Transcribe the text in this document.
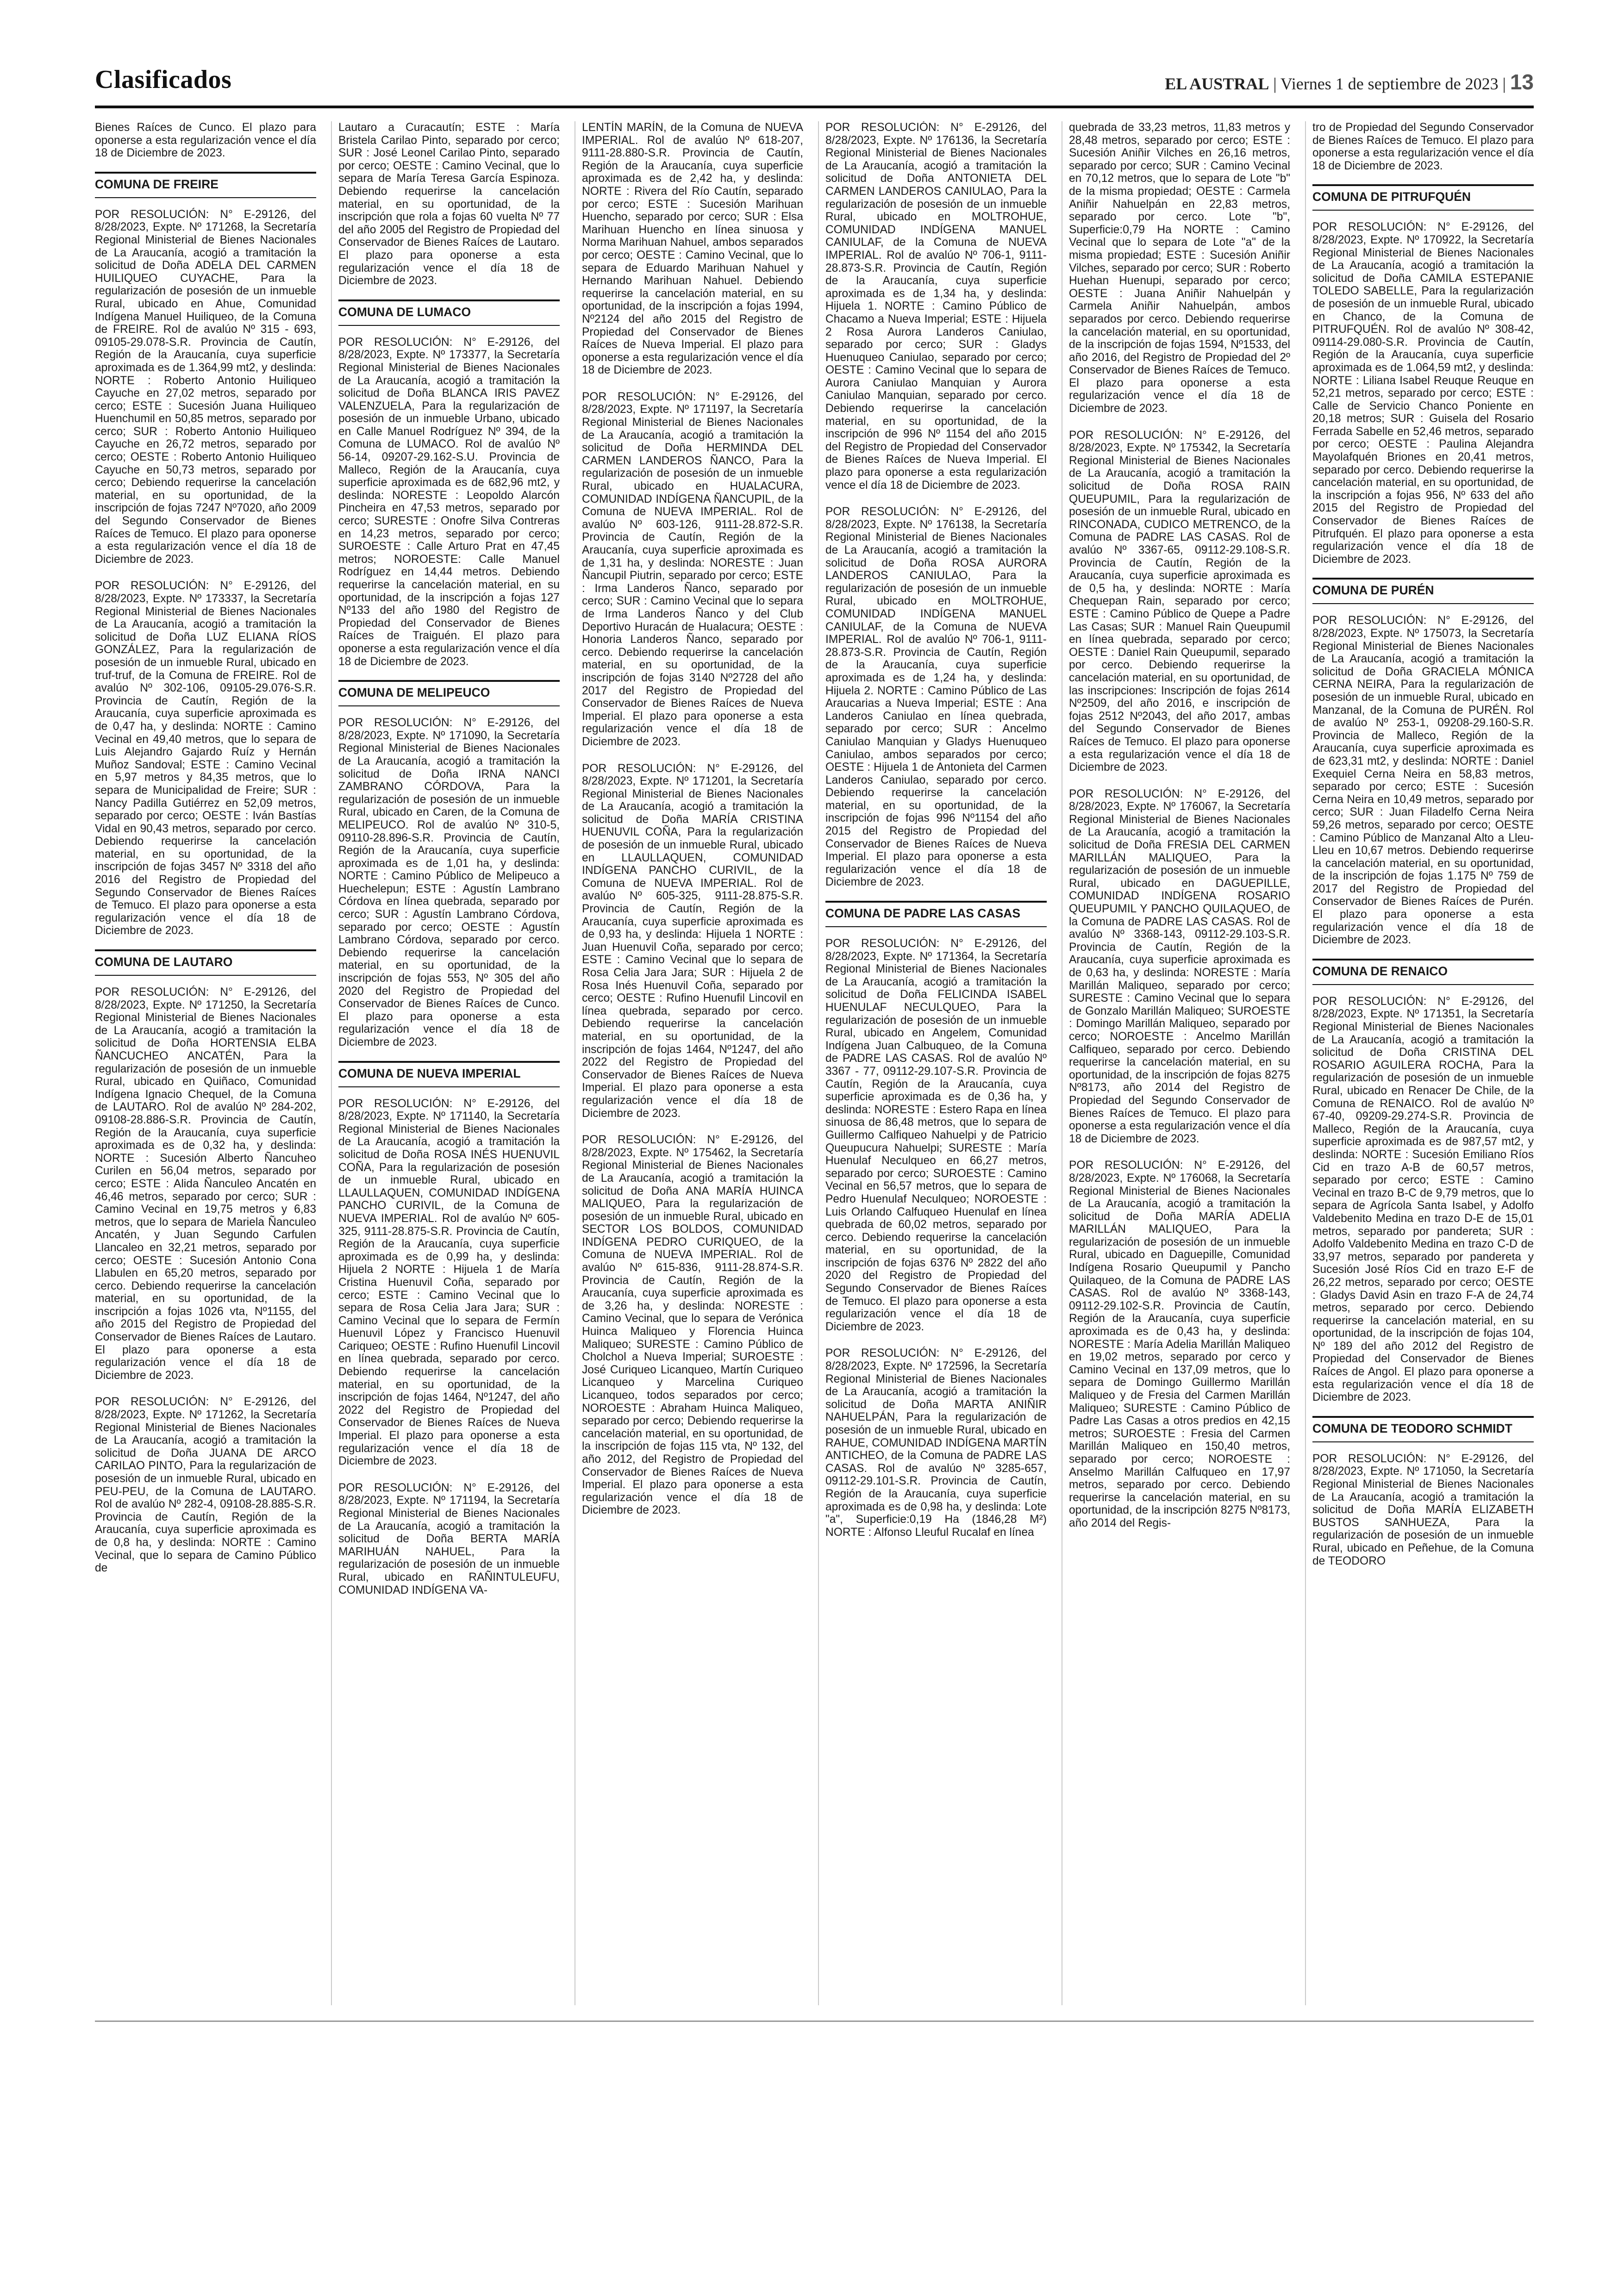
Clasificados	EL AUSTRAL | Viernes 1 de septiembre de 2023 | 13

Bienes Raíces de Cunco. El plazo para oponerse a esta regularización vence el día 18 de Diciembre de 2023.

COMUNA DE FREIRE

POR RESOLUCIÓN: N° E-29126, del 8/28/2023, Expte. Nº 171268, la Secretaría Regional Ministerial de Bienes Nacionales de La Araucanía, acogió a tramitación la solicitud de Doña ADELA DEL CARMEN HUILIQUEO CUYACHE, Para la regularización de posesión de un inmueble Rural, ubicado en Ahue, Comunidad Indígena Manuel Huiliqueo, de la Comuna de FREIRE. Rol de avalúo Nº 315 - 693, 09105-29.078-S.R. Provincia de Cautín, Región de la Araucanía, cuya superficie aproximada es de 1.364,99 mt2, y deslinda: NORTE : Roberto Antonio Huiliqueo Cayuche en 27,02 metros, separado por cerco; ESTE : Sucesión Juana Huiliqueo Huenchumil en 50,85 metros, separado por cerco; SUR : Roberto Antonio Huiliqueo Cayuche en 26,72 metros, separado por cerco; OESTE : Roberto Antonio Huiliqueo Cayuche en 50,73 metros, separado por cerco; Debiendo requerirse la cancelación material, en su oportunidad, de la inscripción de fojas 7247 Nº7020, año 2009 del Segundo Conservador de Bienes Raíces de Temuco. El plazo para oponerse a esta regularización vence el día 18 de Diciembre de 2023.

POR RESOLUCIÓN: N° E-29126, del 8/28/2023, Expte. Nº 173337, la Secretaría Regional Ministerial de Bienes Nacionales de La Araucanía, acogió a tramitación la solicitud de Doña LUZ ELIANA RÍOS GONZÁLEZ, Para la regularización de posesión de un inmueble Rural, ubicado en truf-truf, de la Comuna de FREIRE. Rol de avalúo Nº 302-106, 09105-29.076-S.R. Provincia de Cautín, Región de la Araucanía, cuya superficie aproximada es de 0,47 ha, y deslinda: NORTE : Camino Vecinal en 49,40 metros, que lo separa de Luis Alejandro Gajardo Ruíz y Hernán Muñoz Sandoval; ESTE : Camino Vecinal en 5,97 metros y 84,35 metros, que lo separa de Municipalidad de Freire; SUR : Nancy Padilla Gutiérrez en 52,09 metros, separado por cerco; OESTE : Iván Bastías Vidal en 90,43 metros, separado por cerco. Debiendo requerirse la cancelación material, en su oportunidad, de la inscripción de fojas 3457 Nº 3318 del año 2016 del Registro de Propiedad del Segundo Conservador de Bienes Raíces de Temuco. El plazo para oponerse a esta regularización vence el día 18 de Diciembre de 2023.

COMUNA DE LAUTARO

POR RESOLUCIÓN: N° E-29126, del 8/28/2023, Expte. Nº 171250, la Secretaría Regional Ministerial de Bienes Nacionales de La Araucanía, acogió a tramitación la solicitud de Doña HORTENSIA ELBA ÑANCUCHEO ANCATÉN, Para la regularización de posesión de un inmueble Rural, ubicado en Quiñaco, Comunidad Indígena Ignacio Chequel, de la Comuna de LAUTARO. Rol de avalúo Nº 284-202, 09108-28.886-S.R. Provincia de Cautín, Región de la Araucanía, cuya superficie aproximada es de 0,32 ha, y deslinda: NORTE : Sucesión Alberto Ñancuheo Curilen en 56,04 metros, separado por cerco; ESTE : Alida Ñanculeo Ancatén en 46,46 metros, separado por cerco; SUR : Camino Vecinal en 19,75 metros y 6,83 metros, que lo separa de Mariela Ñanculeo Ancatén, y Juan Segundo Carfulen Llancaleo en 32,21 metros, separado por cerco; OESTE : Sucesión Antonio Cona Llabulen en 65,20 metros, separado por cerco. Debiendo requerirse la cancelación material, en su oportunidad, de la inscripción a fojas 1026 vta, Nº1155, del año 2015 del Registro de Propiedad del Conservador de Bienes Raíces de Lautaro. El plazo para oponerse a esta regularización vence el día 18 de Diciembre de 2023.

POR RESOLUCIÓN: N° E-29126, del 8/28/2023, Expte. Nº 171262, la Secretaría Regional Ministerial de Bienes Nacionales de La Araucanía, acogió a tramitación la solicitud de Doña JUANA DE ARCO CARILAO PINTO, Para la regularización de posesión de un inmueble Rural, ubicado en PEU-PEU, de la Comuna de LAUTARO. Rol de avalúo Nº 282-4, 09108-28.885-S.R. Provincia de Cautín, Región de la Araucanía, cuya superficie aproximada es de 0,8 ha, y deslinda: NORTE : Camino Vecinal, que lo separa de Camino Público de

Lautaro a Curacautín; ESTE : María Bristela Carilao Pinto, separado por cerco; SUR : José Leonel Carilao Pinto, separado por cerco; OESTE : Camino Vecinal, que lo separa de María Teresa García Espinoza. Debiendo requerirse la cancelación material, en su oportunidad, de la inscripción que rola a fojas 60 vuelta Nº 77 del año 2005 del Registro de Propiedad del Conservador de Bienes Raíces de Lautaro. El plazo para oponerse a esta regularización vence el día 18 de Diciembre de 2023.

COMUNA DE LUMACO

POR RESOLUCIÓN: N° E-29126, del 8/28/2023, Expte. Nº 173377, la Secretaría Regional Ministerial de Bienes Nacionales de La Araucanía, acogió a tramitación la solicitud de Doña BLANCA IRIS PAVEZ VALENZUELA, Para la regularización de posesión de un inmueble Urbano, ubicado en Calle Manuel Rodríguez Nº 394, de la Comuna de LUMACO. Rol de avalúo Nº 56-14, 09207-29.162-S.U. Provincia de Malleco, Región de la Araucanía, cuya superficie aproximada es de 682,96 mt2, y deslinda: NORESTE : Leopoldo Alarcón Pincheira en 47,53 metros, separado por cerco; SURESTE : Onofre Silva Contreras en 14,23 metros, separado por cerco; SUROESTE : Calle Arturo Prat en 47,45 metros; NOROESTE: Calle Manuel Rodríguez en 14,44 metros. Debiendo requerirse la cancelación material, en su oportunidad, de la inscripción a fojas 127 Nº133 del año 1980 del Registro de Propiedad del Conservador de Bienes Raíces de Traiguén. El plazo para oponerse a esta regularización vence el día 18 de Diciembre de 2023.

COMUNA DE MELIPEUCO

POR RESOLUCIÓN: N° E-29126, del 8/28/2023, Expte. Nº 171090, la Secretaría Regional Ministerial de Bienes Nacionales de La Araucanía, acogió a tramitación la solicitud de Doña IRNA NANCI ZAMBRANO CÓRDOVA, Para la regularización de posesión de un inmueble Rural, ubicado en Caren, de la Comuna de MELIPEUCO. Rol de avalúo Nº 310-5, 09110-28.896-S.R. Provincia de Cautín, Región de la Araucanía, cuya superficie aproximada es de 1,01 ha, y deslinda: NORTE : Camino Público de Melipeuco a Huechelepun; ESTE : Agustín Lambrano Córdova en línea quebrada, separado por cerco; SUR : Agustín Lambrano Córdova, separado por cerco; OESTE : Agustín Lambrano Córdova, separado por cerco. Debiendo requerirse la cancelación material, en su oportunidad, de la inscripción de fojas 553, Nº 305 del año 2020 del Registro de Propiedad del Conservador de Bienes Raíces de Cunco. El plazo para oponerse a esta regularización vence el día 18 de Diciembre de 2023.

COMUNA DE NUEVA IMPERIAL

POR RESOLUCIÓN: N° E-29126, del 8/28/2023, Expte. Nº 171140, la Secretaría Regional Ministerial de Bienes Nacionales de La Araucanía, acogió a tramitación la solicitud de Doña ROSA INÉS HUENUVIL COÑA, Para la regularización de posesión de un inmueble Rural, ubicado en LLAULLAQUEN, COMUNIDAD INDÍGENA PANCHO CURIVIL, de la Comuna de NUEVA IMPERIAL. Rol de avalúo Nº 605-325, 9111-28.875-S.R. Provincia de Cautín, Región de la Araucanía, cuya superficie aproximada es de 0,99 ha, y deslinda: Hijuela 2 NORTE : Hijuela 1 de María Cristina Huenuvil Coña, separado por cerco; ESTE : Camino Vecinal que lo separa de Rosa Celia Jara Jara; SUR : Camino Vecinal que lo separa de Fermín Huenuvil López y Francisco Huenuvil Cariqueo; OESTE : Rufino Huenufil Lincovil en línea quebrada, separado por cerco. Debiendo requerirse la cancelación material, en su oportunidad, de la inscripción de fojas 1464, Nº1247, del año 2022 del Registro de Propiedad del Conservador de Bienes Raíces de Nueva Imperial. El plazo para oponerse a esta regularización vence el día 18 de Diciembre de 2023.

POR RESOLUCIÓN: N° E-29126, del 8/28/2023, Expte. Nº 171194, la Secretaría Regional Ministerial de Bienes Nacionales de La Araucanía, acogió a tramitación la solicitud de Doña BERTA MARÍA MARIHUÁN NAHUEL, Para la regularización de posesión de un inmueble Rural, ubicado en RAÑINTULEUFU, COMUNIDAD INDÍGENA VA-

LENTÍN MARÍN, de la Comuna de NUEVA IMPERIAL. Rol de avalúo Nº 618-207, 9111-28.880-S.R. Provincia de Cautín, Región de la Araucanía, cuya superficie aproximada es de 2,42 ha, y deslinda: NORTE : Rivera del Río Cautín, separado por cerco; ESTE : Sucesión Marihuan Huencho, separado por cerco; SUR : Elsa Marihuan Huencho en línea sinuosa y Norma Marihuan Nahuel, ambos separados por cerco; OESTE : Camino Vecinal, que lo separa de Eduardo Marihuan Nahuel y Hernando Marihuan Nahuel. Debiendo requerirse la cancelación material, en su oportunidad, de la inscripción a fojas 1994, Nº2124 del año 2015 del Registro de Propiedad del Conservador de Bienes Raíces de Nueva Imperial. El plazo para oponerse a esta regularización vence el día 18 de Diciembre de 2023.

POR RESOLUCIÓN: N° E-29126, del 8/28/2023, Expte. Nº 171197, la Secretaría Regional Ministerial de Bienes Nacionales de La Araucanía, acogió a tramitación la solicitud de Doña HERMINDA DEL CARMEN LANDEROS ÑANCO, Para la regularización de posesión de un inmueble Rural, ubicado en HUALACURA, COMUNIDAD INDÍGENA ÑANCUPIL, de la Comuna de NUEVA IMPERIAL. Rol de avalúo Nº 603-126, 9111-28.872-S.R. Provincia de Cautín, Región de la Araucanía, cuya superficie aproximada es de 1,31 ha, y deslinda: NORESTE : Juan Ñancupil Piutrin, separado por cerco; ESTE : Irma Landeros Ñanco, separado por cerco; SUR : Camino Vecinal que lo separa de Irma Landeros Ñanco y del Club Deportivo Huracán de Hualacura; OESTE : Honoria Landeros Ñanco, separado por cerco. Debiendo requerirse la cancelación material, en su oportunidad, de la inscripción de fojas 3140 Nº2728 del año 2017 del Registro de Propiedad del Conservador de Bienes Raíces de Nueva Imperial. El plazo para oponerse a esta regularización vence el día 18 de Diciembre de 2023.

POR RESOLUCIÓN: N° E-29126, del 8/28/2023, Expte. Nº 171201, la Secretaría Regional Ministerial de Bienes Nacionales de La Araucanía, acogió a tramitación la solicitud de Doña MARÍA CRISTINA HUENUVIL COÑA, Para la regularización de posesión de un inmueble Rural, ubicado en LLAULLAQUEN, COMUNIDAD INDÍGENA PANCHO CURIVIL, de la Comuna de NUEVA IMPERIAL. Rol de avalúo Nº 605-325, 9111-28.875-S.R. Provincia de Cautín, Región de la Araucanía, cuya superficie aproximada es de 0,93 ha, y deslinda: Hijuela 1 NORTE : Juan Huenuvil Coña, separado por cerco; ESTE : Camino Vecinal que lo separa de Rosa Celia Jara Jara; SUR : Hijuela 2 de Rosa Inés Huenuvil Coña, separado por cerco; OESTE : Rufino Huenufil Lincovil en línea quebrada, separado por cerco. Debiendo requerirse la cancelación material, en su oportunidad, de la inscripción de fojas 1464, Nº1247, del año 2022 del Registro de Propiedad del Conservador de Bienes Raíces de Nueva Imperial. El plazo para oponerse a esta regularización vence el día 18 de Diciembre de 2023.

POR RESOLUCIÓN: N° E-29126, del 8/28/2023, Expte. Nº 175462, la Secretaría Regional Ministerial de Bienes Nacionales de La Araucanía, acogió a tramitación la solicitud de Doña ANA MARÍA HUINCA MALIQUEO, Para la regularización de posesión de un inmueble Rural, ubicado en SECTOR LOS BOLDOS, COMUNIDAD INDÍGENA PEDRO CURIQUEO, de la Comuna de NUEVA IMPERIAL. Rol de avalúo Nº 615-836, 9111-28.874-S.R. Provincia de Cautín, Región de la Araucanía, cuya superficie aproximada es de 3,26 ha, y deslinda: NORESTE : Camino Vecinal, que lo separa de Verónica Huinca Maliqueo y Florencia Huinca Maliqueo; SURESTE : Camino Público de Cholchol a Nueva Imperial; SUROESTE : José Curiqueo Licanqueo, Martín Curiqueo Licanqueo y Marcelina Curiqueo Licanqueo, todos separados por cerco; NOROESTE : Abraham Huinca Maliqueo, separado por cerco; Debiendo requerirse la cancelación material, en su oportunidad, de la inscripción de fojas 115 vta, Nº 132, del año 2012, del Registro de Propiedad del Conservador de Bienes Raíces de Nueva Imperial. El plazo para oponerse a esta regularización vence el día 18 de Diciembre de 2023.

POR RESOLUCIÓN: N° E-29126, del 8/28/2023, Expte. Nº 176136, la Secretaría Regional Ministerial de Bienes Nacionales de La Araucanía, acogió a tramitación la solicitud de Doña ANTONIETA DEL CARMEN LANDEROS CANIULAO, Para la regularización de posesión de un inmueble Rural, ubicado en MOLTROHUE, COMUNIDAD INDÍGENA MANUEL CANIULAF, de la Comuna de NUEVA IMPERIAL. Rol de avalúo Nº 706-1, 9111-28.873-S.R. Provincia de Cautín, Región de la Araucanía, cuya superficie aproximada es de 1,34 ha, y deslinda: Hijuela 1. NORTE : Camino Público de Chacamo a Nueva Imperial; ESTE : Hijuela 2 Rosa Aurora Landeros Caniulao, separado por cerco; SUR : Gladys Huenuqueo Caniulao, separado por cerco; OESTE : Camino Vecinal que lo separa de Aurora Caniulao Manquian y Aurora Caniulao Manquian, separado por cerco. Debiendo requerirse la cancelación material, en su oportunidad, de la inscripción de 996 Nº 1154 del año 2015 del Registro de Propiedad del Conservador de Bienes Raíces de Nueva Imperial. El plazo para oponerse a esta regularización vence el día 18 de Diciembre de 2023.

POR RESOLUCIÓN: N° E-29126, del 8/28/2023, Expte. Nº 176138, la Secretaría Regional Ministerial de Bienes Nacionales de La Araucanía, acogió a tramitación la solicitud de Doña ROSA AURORA LANDEROS CANIULAO, Para la regularización de posesión de un inmueble Rural, ubicado en MOLTROHUE, COMUNIDAD INDÍGENA MANUEL CANIULAF, de la Comuna de NUEVA IMPERIAL. Rol de avalúo Nº 706-1, 9111-28.873-S.R. Provincia de Cautín, Región de la Araucanía, cuya superficie aproximada es de 1,24 ha, y deslinda: Hijuela 2. NORTE : Camino Público de Las Araucarias a Nueva Imperial; ESTE : Ana Landeros Caniulao en línea quebrada, separado por cerco; SUR : Ancelmo Caniulao Manquian y Gladys Huenuqueo Caniulao, ambos separados por cerco; OESTE : Hijuela 1 de Antonieta del Carmen Landeros Caniulao, separado por cerco. Debiendo requerirse la cancelación material, en su oportunidad, de la inscripción de fojas 996 Nº1154 del año 2015 del Registro de Propiedad del Conservador de Bienes Raíces de Nueva Imperial. El plazo para oponerse a esta regularización vence el día 18 de Diciembre de 2023.

COMUNA DE PADRE LAS CASAS

POR RESOLUCIÓN: N° E-29126, del 8/28/2023, Expte. Nº 171364, la Secretaría Regional Ministerial de Bienes Nacionales de La Araucanía, acogió a tramitación la solicitud de Doña FELICINDA ISABEL HUENULAF NECULQUEO, Para la regularización de posesión de un inmueble Rural, ubicado en Angelem, Comunidad Indígena Juan Calbuqueo, de la Comuna de PADRE LAS CASAS. Rol de avalúo Nº 3367 - 77, 09112-29.107-S.R. Provincia de Cautín, Región de la Araucanía, cuya superficie aproximada es de 0,36 ha, y deslinda: NORESTE : Estero Rapa en línea sinuosa de 86,48 metros, que lo separa de Guillermo Calfiqueo Nahuelpi y de Patricio Queupucura Nahuelpi; SURESTE : María Huenulaf Neculqueo en 66,27 metros, separado por cerco; SUROESTE : Camino Vecinal en 56,57 metros, que lo separa de Pedro Huenulaf Neculqueo; NOROESTE : Luis Orlando Calfuqueo Huenulaf en línea quebrada de 60,02 metros, separado por cerco. Debiendo requerirse la cancelación material, en su oportunidad, de la inscripción de fojas 6376 Nº 2822 del año 2020 del Registro de Propiedad del Segundo Conservador de Bienes Raíces de Temuco. El plazo para oponerse a esta regularización vence el día 18 de Diciembre de 2023.

POR RESOLUCIÓN: N° E-29126, del 8/28/2023, Expte. Nº 172596, la Secretaría Regional Ministerial de Bienes Nacionales de La Araucanía, acogió a tramitación la solicitud de Doña MARTA ANIÑIR NAHUELPÁN, Para la regularización de posesión de un inmueble Rural, ubicado en RAHUE, COMUNIDAD INDÍGENA MARTÍN ANTICHEO, de la Comuna de PADRE LAS CASAS. Rol de avalúo Nº 3285-657, 09112-29.101-S.R. Provincia de Cautín, Región de la Araucanía, cuya superficie aproximada es de 0,98 ha, y deslinda: Lote "a", Superficie:0,19 Ha (1846,28 M²) NORTE : Alfonso Lleuful Rucalaf en línea

quebrada de 33,23 metros, 11,83 metros y 28,48 metros, separado por cerco; ESTE : Sucesión Aniñir Vilches en 26,16 metros, separado por cerco; SUR : Camino Vecinal en 70,12 metros, que lo separa de Lote "b" de la misma propiedad; OESTE : Carmela Aniñir Nahuelpán en 22,83 metros, separado por cerco. Lote "b", Superficie:0,79 Ha NORTE : Camino Vecinal que lo separa de Lote "a" de la misma propiedad; ESTE : Sucesión Aniñir Vilches, separado por cerco; SUR : Roberto Huehan Huenupi, separado por cerco; OESTE : Juana Aniñir Nahuelpán y Carmela Aniñir Nahuelpán, ambos separados por cerco. Debiendo requerirse la cancelación material, en su oportunidad, de la inscripción de fojas 1594, Nº1533, del año 2016, del Registro de Propiedad del 2º Conservador de Bienes Raíces de Temuco. El plazo para oponerse a esta regularización vence el día 18 de Diciembre de 2023.

POR RESOLUCIÓN: N° E-29126, del 8/28/2023, Expte. Nº 175342, la Secretaría Regional Ministerial de Bienes Nacionales de La Araucanía, acogió a tramitación la solicitud de Doña ROSA RAIN QUEUPUMIL, Para la regularización de posesión de un inmueble Rural, ubicado en RINCONADA, CUDICO METRENCO, de la Comuna de PADRE LAS CASAS. Rol de avalúo Nº 3367-65, 09112-29.108-S.R. Provincia de Cautín, Región de la Araucanía, cuya superficie aproximada es de 0,5 ha, y deslinda: NORTE : María Chequepan Rain, separado por cerco; ESTE : Camino Público de Quepe a Padre Las Casas; SUR : Manuel Rain Queupumil en línea quebrada, separado por cerco; OESTE : Daniel Rain Queupumil, separado por cerco. Debiendo requerirse la cancelación material, en su oportunidad, de las inscripciones: Inscripción de fojas 2614 Nº2509, del año 2016, e inscripción de fojas 2512 Nº2043, del año 2017, ambas del Segundo Conservador de Bienes Raíces de Temuco. El plazo para oponerse a esta regularización vence el día 18 de Diciembre de 2023.

POR RESOLUCIÓN: N° E-29126, del 8/28/2023, Expte. Nº 176067, la Secretaría Regional Ministerial de Bienes Nacionales de La Araucanía, acogió a tramitación la solicitud de Doña FRESIA DEL CARMEN MARILLÁN MALIQUEO, Para la regularización de posesión de un inmueble Rural, ubicado en DAGUEPILLE, COMUNIDAD INDÍGENA ROSARIO QUEUPUMIL Y PANCHO QUILAQUEO, de la Comuna de PADRE LAS CASAS. Rol de avalúo Nº 3368-143, 09112-29.103-S.R. Provincia de Cautín, Región de la Araucanía, cuya superficie aproximada es de 0,63 ha, y deslinda: NORESTE : María Marillán Maliqueo, separado por cerco; SURESTE : Camino Vecinal que lo separa de Gonzalo Marillán Maliqueo; SUROESTE : Domingo Marillán Maliqueo, separado por cerco; NOROESTE : Ancelmo Marillán Calfiqueo, separado por cerco. Debiendo requerirse la cancelación material, en su oportunidad, de la inscripción de fojas 8275 Nº8173, año 2014 del Registro de Propiedad del Segundo Conservador de Bienes Raíces de Temuco. El plazo para oponerse a esta regularización vence el día 18 de Diciembre de 2023.

POR RESOLUCIÓN: N° E-29126, del 8/28/2023, Expte. Nº 176068, la Secretaría Regional Ministerial de Bienes Nacionales de La Araucanía, acogió a tramitación la solicitud de Doña MARÍA ADELIA MARILLÁN MALIQUEO, Para la regularización de posesión de un inmueble Rural, ubicado en Daguepille, Comunidad Indígena Rosario Queupumil y Pancho Quilaqueo, de la Comuna de PADRE LAS CASAS. Rol de avalúo Nº 3368-143, 09112-29.102-S.R. Provincia de Cautín, Región de la Araucanía, cuya superficie aproximada es de 0,43 ha, y deslinda: NORESTE : María Adelia Marillán Maliqueo en 19,02 metros, separado por cerco y Camino Vecinal en 137,09 metros, que lo separa de Domingo Guillermo Marillán Maliqueo y de Fresia del Carmen Marillán Maliqueo; SURESTE : Camino Público de Padre Las Casas a otros predios en 42,15 metros; SUROESTE : Fresia del Carmen Marillán Maliqueo en 150,40 metros, separado por cerco; NOROESTE : Anselmo Marillán Calfuqueo en 17,97 metros, separado por cerco. Debiendo requerirse la cancelación material, en su oportunidad, de la inscripción 8275 Nº8173, año 2014 del Regis-

tro de Propiedad del Segundo Conservador de Bienes Raíces de Temuco. El plazo para oponerse a esta regularización vence el día 18 de Diciembre de 2023.

COMUNA DE PITRUFQUÉN

POR RESOLUCIÓN: N° E-29126, del 8/28/2023, Expte. Nº 170922, la Secretaría Regional Ministerial de Bienes Nacionales de La Araucanía, acogió a tramitación la solicitud de Doña CAMILA ESTEPANIE TOLEDO SABELLE, Para la regularización de posesión de un inmueble Rural, ubicado en Chanco, de la Comuna de PITRUFQUÉN. Rol de avalúo Nº 308-42, 09114-29.080-S.R. Provincia de Cautín, Región de la Araucanía, cuya superficie aproximada es de 1.064,59 mt2, y deslinda: NORTE : Liliana Isabel Reuque Reuque en 52,21 metros, separado por cerco; ESTE : Calle de Servicio Chanco Poniente en 20,18 metros; SUR : Guisela del Rosario Ferrada Sabelle en 52,46 metros, separado por cerco; OESTE : Paulina Alejandra Mayolafquén Briones en 20,41 metros, separado por cerco. Debiendo requerirse la cancelación material, en su oportunidad, de la inscripción a fojas 956, Nº 633 del año 2015 del Registro de Propiedad del Conservador de Bienes Raíces de Pitrufquén. El plazo para oponerse a esta regularización vence el día 18 de Diciembre de 2023.

COMUNA DE PURÉN

POR RESOLUCIÓN: N° E-29126, del 8/28/2023, Expte. Nº 175073, la Secretaría Regional Ministerial de Bienes Nacionales de La Araucanía, acogió a tramitación la solicitud de Doña GRACIELA MÓNICA CERNA NEIRA, Para la regularización de posesión de un inmueble Rural, ubicado en Manzanal, de la Comuna de PURÉN. Rol de avalúo Nº 253-1, 09208-29.160-S.R. Provincia de Malleco, Región de la Araucanía, cuya superficie aproximada es de 623,31 mt2, y deslinda: NORTE : Daniel Exequiel Cerna Neira en 58,83 metros, separado por cerco; ESTE : Sucesión Cerna Neira en 10,49 metros, separado por cerco; SUR : Juan Filadelfo Cerna Neira 59,26 metros, separado por cerco; OESTE : Camino Público de Manzanal Alto a Lleu-Lleu en 10,67 metros. Debiendo requerirse la cancelación material, en su oportunidad, de la inscripción de fojas 1.175 Nº 759 de 2017 del Registro de Propiedad del Conservador de Bienes Raíces de Purén. El plazo para oponerse a esta regularización vence el día 18 de Diciembre de 2023.

COMUNA DE RENAICO

POR RESOLUCIÓN: N° E-29126, del 8/28/2023, Expte. Nº 171351, la Secretaría Regional Ministerial de Bienes Nacionales de La Araucanía, acogió a tramitación la solicitud de Doña CRISTINA DEL ROSARIO AGUILERA ROCHA, Para la regularización de posesión de un inmueble Rural, ubicado en Renacer De Chile, de la Comuna de RENAICO. Rol de avalúo Nº 67-40, 09209-29.274-S.R. Provincia de Malleco, Región de la Araucanía, cuya superficie aproximada es de 987,57 mt2, y deslinda: NORTE : Sucesión Emiliano Ríos Cid en trazo A-B de 60,57 metros, separado por cerco; ESTE : Camino Vecinal en trazo B-C de 9,79 metros, que lo separa de Agrícola Santa Isabel, y Adolfo Valdebenito Medina en trazo D-E de 15,01 metros, separado por pandereta; SUR : Adolfo Valdebenito Medina en trazo C-D de 33,97 metros, separado por pandereta y Sucesión José Ríos Cid en trazo E-F de 26,22 metros, separado por cerco; OESTE : Gladys David Asin en trazo F-A de 24,74 metros, separado por cerco. Debiendo requerirse la cancelación material, en su oportunidad, de la inscripción de fojas 104, Nº 189 del año 2012 del Registro de Propiedad del Conservador de Bienes Raíces de Angol. El plazo para oponerse a esta regularización vence el día 18 de Diciembre de 2023.

COMUNA DE TEODORO SCHMIDT

POR RESOLUCIÓN: N° E-29126, del 8/28/2023, Expte. Nº 171050, la Secretaría Regional Ministerial de Bienes Nacionales de La Araucanía, acogió a tramitación la solicitud de Doña MARÍA ELIZABETH BUSTOS SANHUEZA, Para la regularización de posesión de un inmueble Rural, ubicado en Peñehue, de la Comuna de TEODORO
